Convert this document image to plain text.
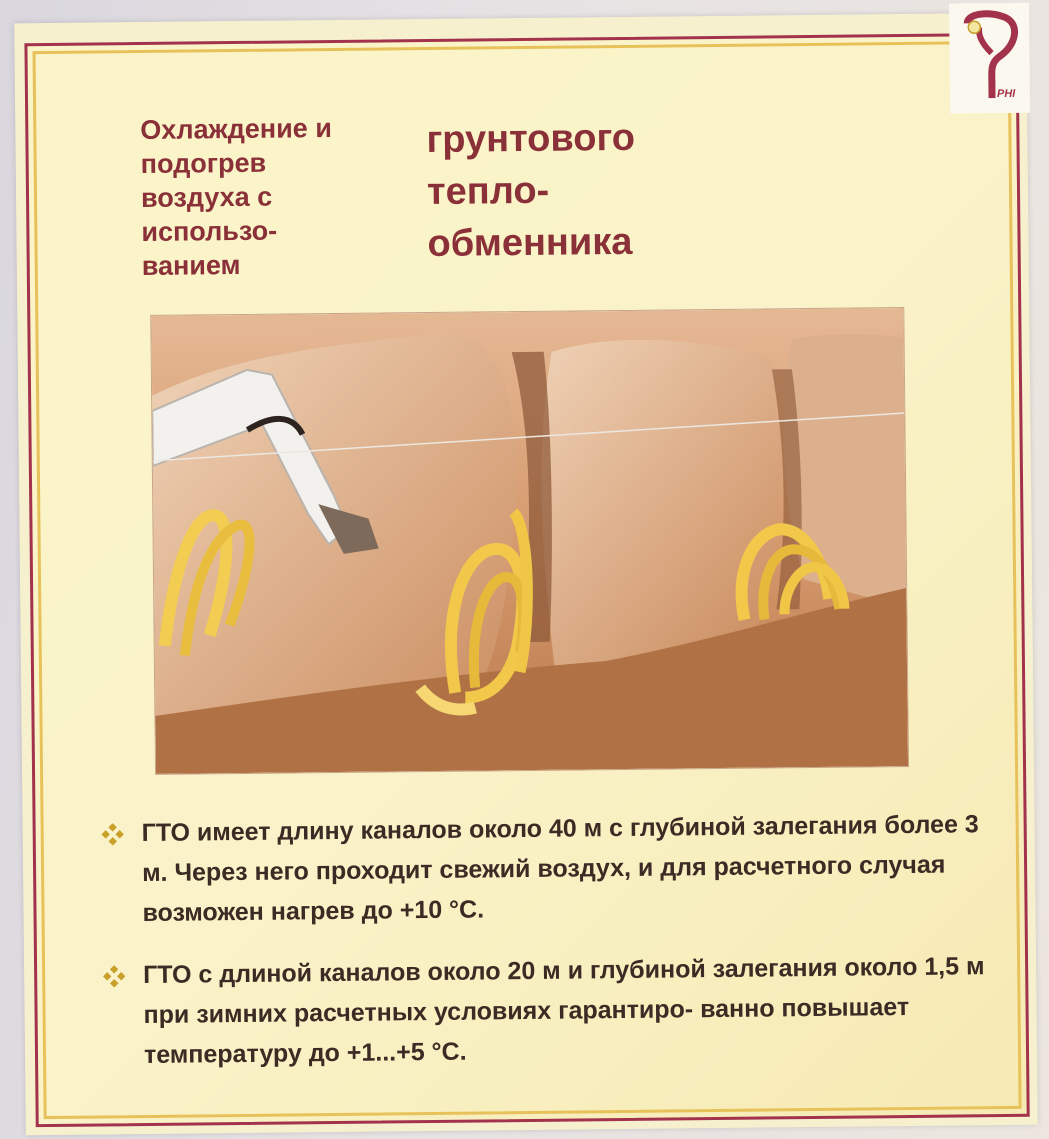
Охлаждение и подогрев воздуха с использо- ванием
грунтового тепло- обменника
ГТО имеет длину каналов около 40 м с глубиной залегания более 3 м. Через него проходит свежий воздух, и для расчетного случая возможен нагрев до +10 °С.
ГТО с длиной каналов около 20 м и глубиной залегания около 1,5 м при зимних расчетных условиях гарантиро- ванно повышает температуру до +1...+5 °С.
PHI
